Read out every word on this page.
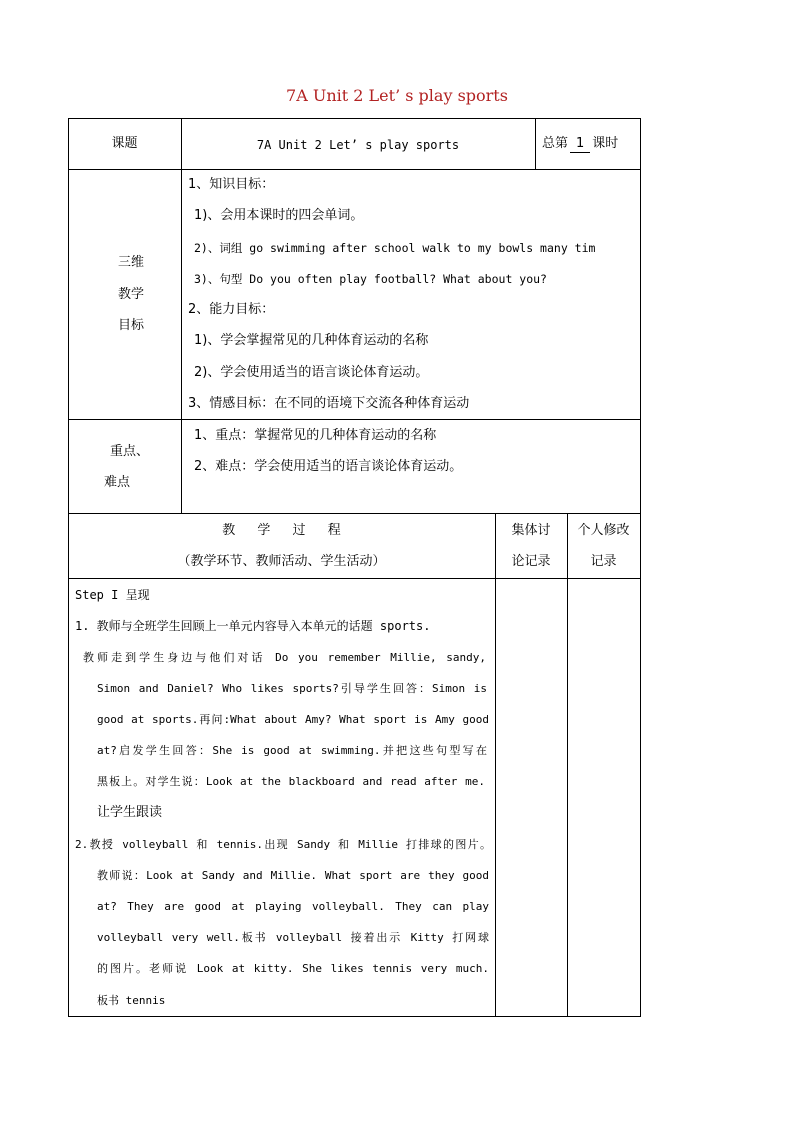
7A Unit 2 Let’ s play sports
课题	7A Unit 2 Let’ s play sports	总第 1 课时
三维
教学
目标
1、知识目标：
1)、会用本课时的四会单词。
2)、词组 go swimming after school walk to my bowls many tim
3)、句型 Do you often play football? What about you?
2、能力目标：
1)、学会掌握常见的几种体育运动的名称
2)、学会使用适当的语言谈论体育运动。
3、情感目标：在不同的语境下交流各种体育运动
重点、
难点
1、重点：掌握常见的几种体育运动的名称
2、难点：学会使用适当的语言谈论体育运动。
教 学 过 程
（教学环节、教师活动、学生活动）
集体讨
论记录
个人修改
记录
Step I 呈现
1. 教师与全班学生回顾上一单元内容导入本单元的话题 sports.
教师走到学生身边与他们对话 Do you remember Millie, sandy,
Simon and Daniel? Who likes sports?引导学生回答：Simon is
good at sports.再问:What about Amy? What sport is Amy good
at?启发学生回答：She is good at swimming.并把这些句型写在
黑板上。对学生说：Look at the blackboard and read after me.
让学生跟读
2.教授 volleyball 和 tennis.出现 Sandy 和 Millie 打排球的图片。
教师说：Look at Sandy and Millie. What sport are they good
at? They are good at playing volleyball. They can play
volleyball very well.板书 volleyball 接着出示 Kitty 打网球
的图片。老师说 Look at kitty. She likes tennis very much.
板书 tennis
